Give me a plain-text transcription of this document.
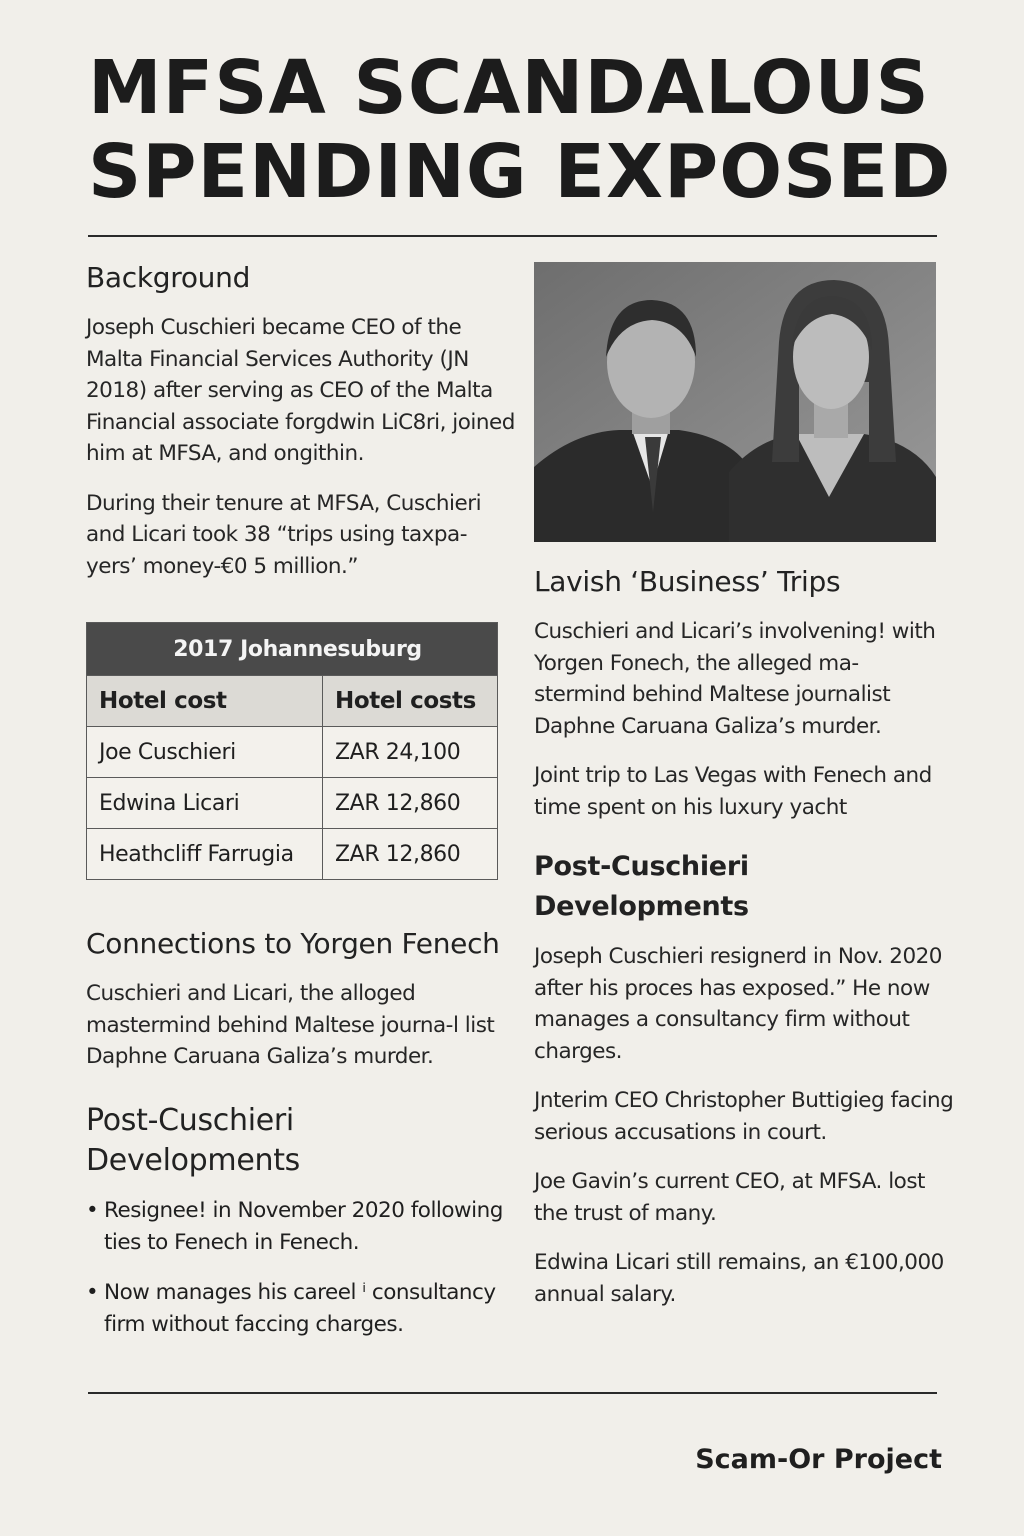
MFSA SCANDALOUS
SPENDING EXPOSED
Background

Joseph Cuschieri became CEO of the Malta Financial Services Authority (JN 2018) after serving as CEO of the Malta Financial associate forgdwin LiC8ri, joined him at MFSA, and ongithin.

During their tenure at MFSA, Cuschieri and Licari took 38 “trips using taxpa- yers’ money-€0 5 million.”

2017 Johannesuburg	
Hotel cost	Hotel costs
Joe Cuschieri	ZAR 24,100
Edwina Licari	ZAR 12,860
Heathcliff Farrugia	ZAR 12,860
Connections to Yorgen Fenech

Cuschieri and Licari, the alloged mastermind behind Maltese journa-l list Daphne Caruana Galiza’s murder.

Post-Cuschieri Developments
• Resignee! in November 2020 following ties to Fenech in Fenech.
• Now manages his careel ⁱ consultancy firm without faccing charges.
Lavish ‘Business’ Trips

Cuschieri and Licari’s involvening! with Yorgen Fonech, the alleged ma- stermind behind Maltese journalist Daphne Caruana Galiza’s murder.

Joint trip to Las Vegas with Fenech and time spent on his luxury yacht

Post-Cuschieri Developments

Joseph Cuschieri resignerd in Nov. 2020 after his proces has exposed.” He now manages a consultancy firm without charges.

Jnterim CEO Christopher Buttigieg facing serious accusations in court.

Joe Gavin’s current CEO, at MFSA. lost the trust of many.

Edwina Licari still remains, an €100,000 annual salary.

Scam-Or Project
